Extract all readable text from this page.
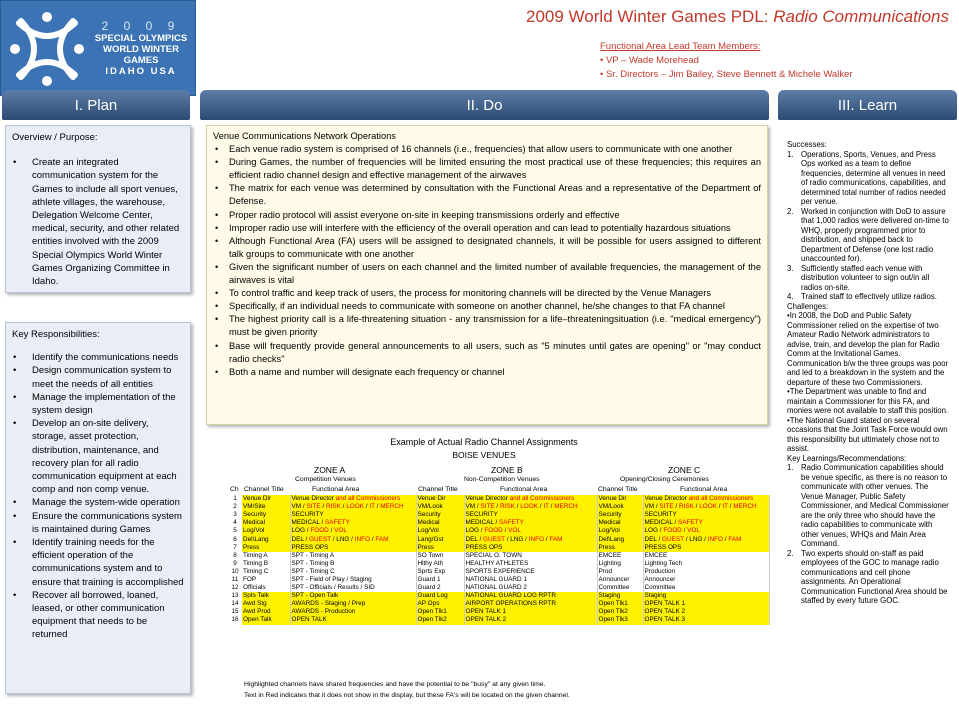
2 0 0 9
SPECIAL OLYMPICS
WORLD WINTER GAMES
IDAHO USA
2009 World Winter Games PDL: Radio Communications
Functional Area Lead Team Members:
• VP – Wade Morehead
• Sr. Directors – Jim Bailey, Steve Bennett & Michele Walker
I. Plan	II. Do	III. Learn
Overview / Purpose:
• Create an integrated communication system for the Games to include all sport venues, athlete villages, the warehouse, Delegation Welcome Center, medical, security, and other related entities involved with the 2009 Special Olympics World Winter Games Organizing Committee in Idaho.
Key Responsibilities:
• Identify the communications needs
• Design communication system to meet the needs of all entities
• Manage the implementation of the system design
• Develop an on-site delivery, storage, asset protection, distribution, maintenance, and recovery plan for all radio communication equipment at each comp and non comp venue.
• Manage the system-wide operation
• Ensure the communications system is maintained during Games
• Identify training needs for the efficient operation of the communications system and to ensure that training is accomplished
• Recover all borrowed, loaned, leased, or other communication equipment that needs to be returned
Venue Communications Network Operations
• Each venue radio system is comprised of 16 channels (i.e., frequencies) that allow users to communicate with one another
• During Games, the number of frequencies will be limited ensuring the most practical use of these frequencies; this requires an efficient radio channel design and effective management of the airwaves
• The matrix for each venue was determined by consultation with the Functional Areas and a representative of the Department of Defense.
• Proper radio protocol will assist everyone on-site in keeping transmissions orderly and effective
• Improper radio use will interfere with the efficiency of the overall operation and can lead to potentially hazardous situations
• Although Functional Area (FA) users will be assigned to designated channels, it will be possible for users assigned to different talk groups to communicate with one another
• Given the significant number of users on each channel and the limited number of available frequencies, the management of the airwaves is vital
• To control traffic and keep track of users, the process for monitoring channels will be directed by the Venue Managers
• Specifically, if an individual needs to communicate with someone on another channel, he/she changes to that FA channel
• The highest priority call is a life-threatening situation - any transmission for a life–threateningsituation (i.e. "medical emergency") must be given priority
• Base will frequently provide general announcements to all users, such as "5 minutes until gates are opening" or "may conduct radio checks"
• Both a name and number will designate each frequency or channel
Example of Actual Radio Channel Assignments
BOISE VENUES
ZONE A	ZONE B	ZONE C
Competition Venues	Non-Competition Venues	Opening/Closing Ceremonies
Ch Channel Title	Functional Area	Channel Title	Functional Area	Channel Title	Functional Area
1	Venue Dir	Venue Director and all Commissioners	Venue Dir	Venue Director and all Commissioners	Venue Dir	Venue Director and all Commissioners
2	VM/Site	VM / SITE / RISK / LOOK / IT / MERCH	VM/Look	VM / SITE / RISK / LOOK / IT / MERCH	VM/Look	VM / SITE / RISK / LOOK / IT / MERCH
3	Security	SECURITY	Security	SECURITY	Security	SECURITY
4	Medical	MEDICAL / SAFETY	Medical	MEDICAL / SAFETY	Medical	MEDICAL / SAFETY
5	Log/Vol	LOG / FOOD / VOL	Log/Vol	LOG / FOOD / VOL	Log/Vol	LOG / FOOD / VOL
6	Del\Lang	DEL / GUEST / LNG / INFO / FAM	Lang/Gst	DEL / GUEST / LNG / INFO / FAM	Del\Lang	DEL / GUEST / LNG / INFO / FAM
7	Press	PRESS OPS	Press	PRESS OPS	Press	PRESS OPS
8	Timing A	SPT - Timing A	SO Town	SPECIAL O. TOWN	EMCEE	EMCEE
9	Timing B	SPT - Timing B	Hlthy Ath	HEALTHY ATHLETES	Lighting	Lighting Tech
10	Timing C	SPT - Timing C	Sprts Exp	SPORTS EXPERIENCE	Prod	Production
11	FOP	SPT - Field of Play / Staging	Guard 1	NATIONAL GUARD 1	Announcer	Announcer
12	Officials	SPT - Officials / Results / SID	Guard 2	NATIONAL GUARD 2	Committee	Committee
13	Spts Talk	SPT - Open Talk	Guard Log	NATIONAL GUARD LOG RPTR	Staging	Staging
14	Awd Stg	AWARDS - Staging / Prep	AP Ops	AIRPORT OPERATIONS RPTR	Open Tlk1	OPEN TALK 1
15	Awd Prod	AWARDS - Production	Open Tlk1	OPEN TALK 1	Open Tlk2	OPEN TALK 2
16	Open Talk	OPEN TALK	Open Tlk2	OPEN TALK 2	Open Tlk3	OPEN TALK 3
Highlighted channels have shared frequencies and have the potential to be "busy" at any given time.
Text in Red indicates that it does not show in the display, but these FA's will be located on the given channel.

Successes:

1. Operations, Sports, Venues, and Press Ops worked as a team to define frequencies, determine all venues in need of radio communications, capabilities, and determined total number of radios needed per venue.
2. Worked in conjunction with DoD to assure that 1,000 radios were delivered on-time to WHQ, properly programmed prior to distribution, and shipped back to Department of Defense (one lost radio unaccounted for).
3. Sufficiently staffed each venue with distribution volunteer to sign out/in all radios on-site.
4. Trained staff to effectively utilize radios.

Challenges:

•In 2008, the DoD and Public Safety Commissioner relied on the expertise of two Amateur Radio Network administrators to advise, train, and develop the plan for Radio Comm at the Invitational Games. Communication b/w the three groups was poor and led to a breakdown in the system and the departure of these two Commissioners.

•The Department was unable to find and maintain a Commissioner for this FA, and monies were not available to staff this position.

•The National Guard stated on several occasions that the Joint Task Force would own this responsibility but ultimately chose not to assist.

Key Learnings/Recommendations:

1. Radio Communication capabilities should be venue specific, as there is no reason to communicate with other venues. The Venue Manager, Public Safety Commissioner, and Medical Commissioner are the only three who should have the radio capabilities to communicate with other venues, WHQs and Main Area Command.
2. Two experts should on-staff as paid employees of the GOC to manage radio communications and cell phone assignments. An Operational Communication Functional Area should be staffed by every future GOC.
